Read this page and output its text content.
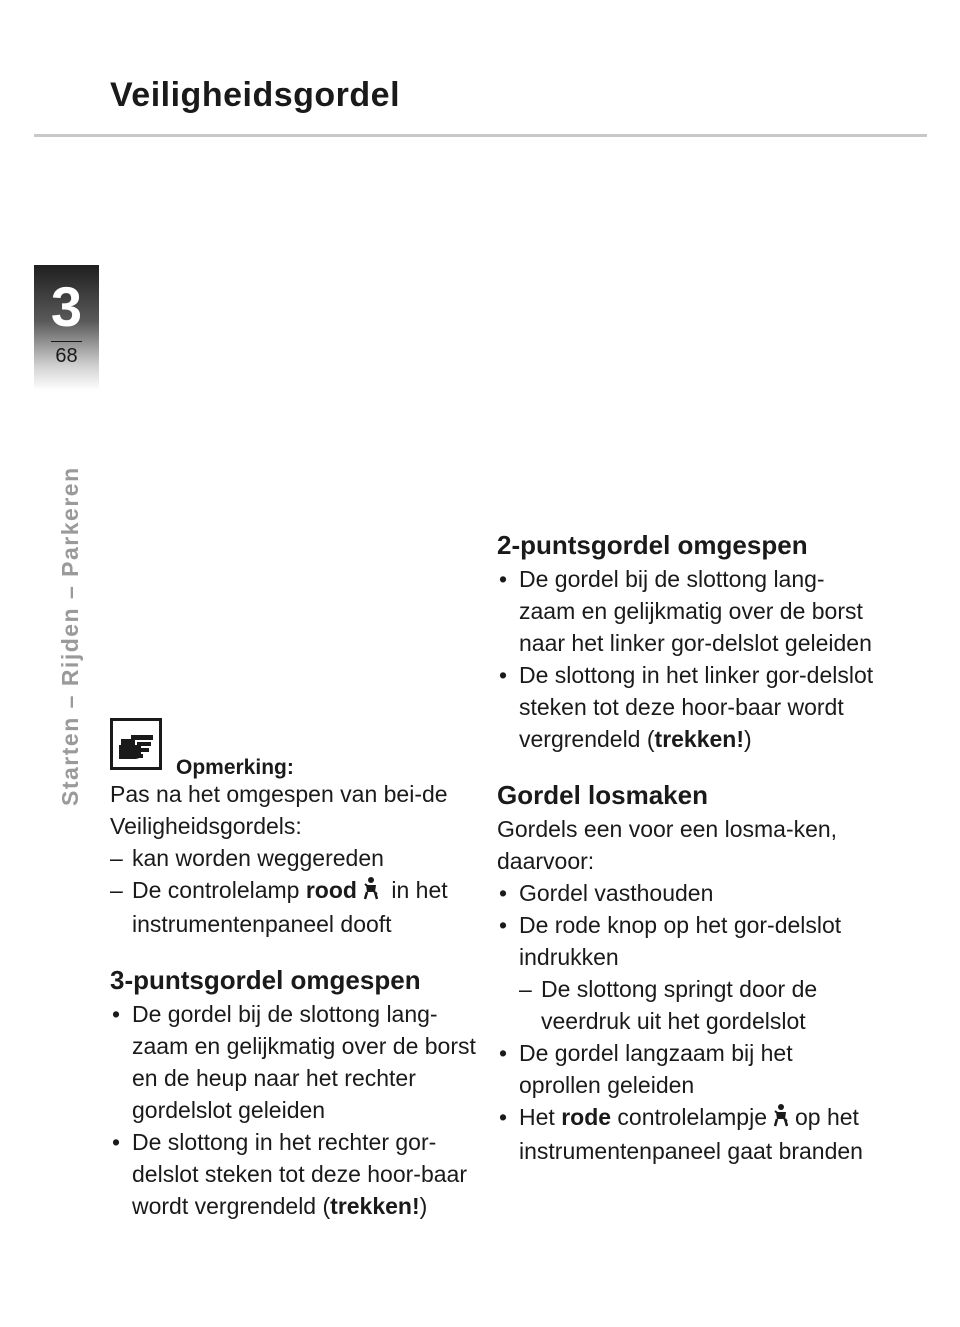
Veiligheidsgordel
3
68
Starten – Rijden – Parkeren	Opmerking:

Pas na het omgespen van bei-de Veiligheidsgordels:

– kan worden weggereden

– De controlelamp rood in het instrumentenpaneel dooft

3-puntsgordel omgespen

• De gordel bij de slottong lang-zaam en gelijkmatig over de borst en de heup naar het rechter gordelslot geleiden

• De slottong in het rechter gor-delslot steken tot deze hoor-baar wordt vergrendeld (trekken!)

2-puntsgordel omgespen

• De gordel bij de slottong lang-zaam en gelijkmatig over de borst naar het linker gor-delslot geleiden

• De slottong in het linker gor-delslot steken tot deze hoor-baar wordt vergrendeld (trekken!)

Gordel losmaken

Gordels een voor een losma-ken, daarvoor:

• Gordel vasthouden

• De rode knop op het gor-delslot indrukken

– De slottong springt door de veerdruk uit het gordelslot

• De gordel langzaam bij het oprollen geleiden

• Het rode controlelampje op het instrumentenpaneel gaat branden
